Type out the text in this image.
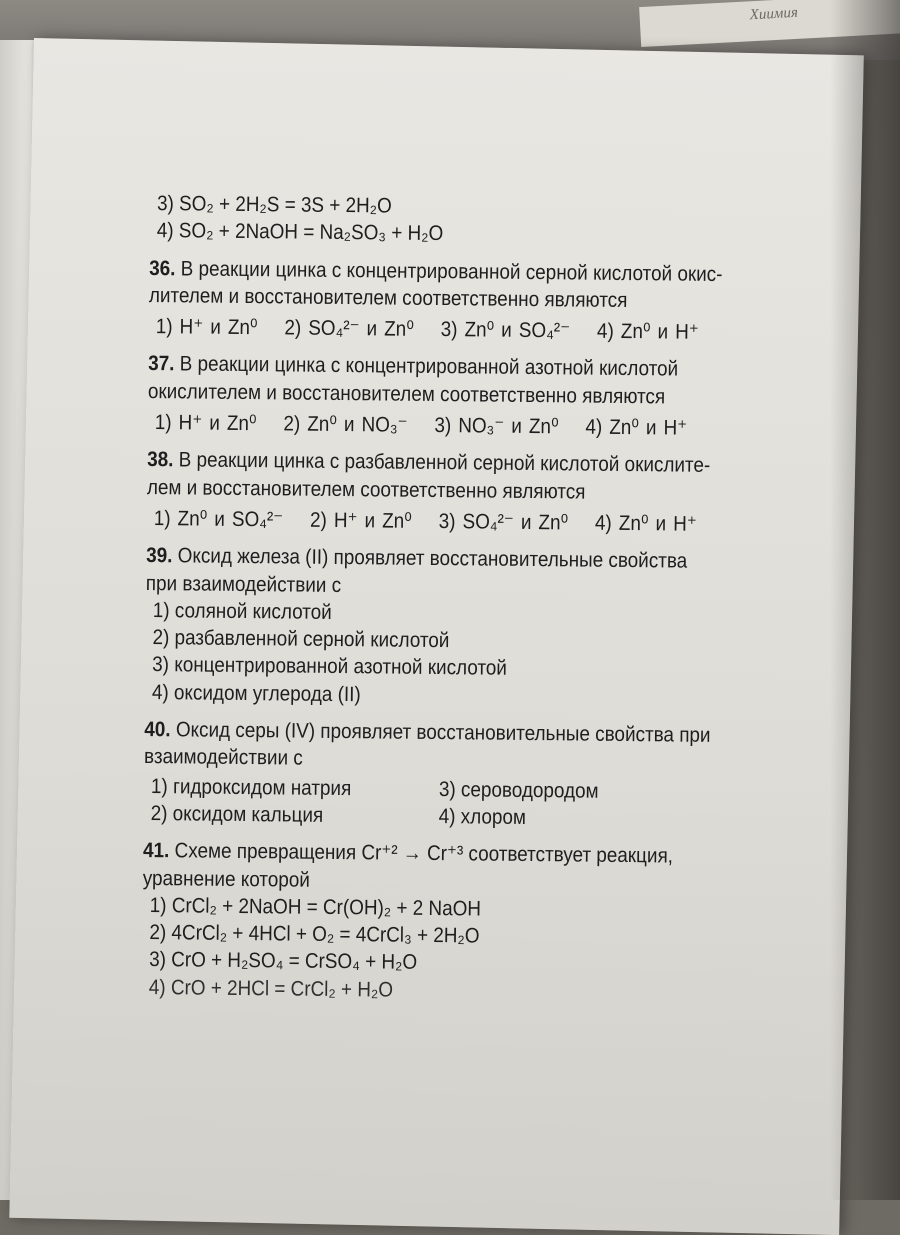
Хиимия
3) SO₂ + 2H₂S = 3S + 2H₂O
4) SO₂ + 2NaOH = Na₂SO₃ + H₂O
36. В реакции цинка с концентрированной серной кислотой окис-
лителем и восстановителем соответственно являются
1) H⁺ и Zn⁰ 2) SO₄²⁻ и Zn⁰ 3) Zn⁰ и SO₄²⁻ 4) Zn⁰ и H⁺
37. В реакции цинка с концентрированной азотной кислотой
окислителем и восстановителем соответственно являются
1) H⁺ и Zn⁰ 2) Zn⁰ и NO₃⁻ 3) NO₃⁻ и Zn⁰ 4) Zn⁰ и H⁺
38. В реакции цинка с разбавленной серной кислотой окислите-
лем и восстановителем соответственно являются
1) Zn⁰ и SO₄²⁻ 2) H⁺ и Zn⁰ 3) SO₄²⁻ и Zn⁰ 4) Zn⁰ и H⁺
39. Оксид железа (II) проявляет восстановительные свойства
при взаимодействии с
1) соляной кислотой
2) разбавленной серной кислотой
3) концентрированной азотной кислотой
4) оксидом углерода (II)
40. Оксид серы (IV) проявляет восстановительные свойства при
взаимодействии с
1) гидроксидом натрия	3) сероводородом
2) оксидом кальция	4) хлором
41. Схеме превращения Cr⁺² → Cr⁺³ соответствует реакция,
уравнение которой
1) CrCl₂ + 2NaOH = Cr(OH)₂ + 2 NaOH
2) 4CrCl₂ + 4HCl + O₂ = 4CrCl₃ + 2H₂O
3) CrO + H₂SO₄ = CrSO₄ + H₂O
4) CrO + 2HCl = CrCl₂ + H₂O
